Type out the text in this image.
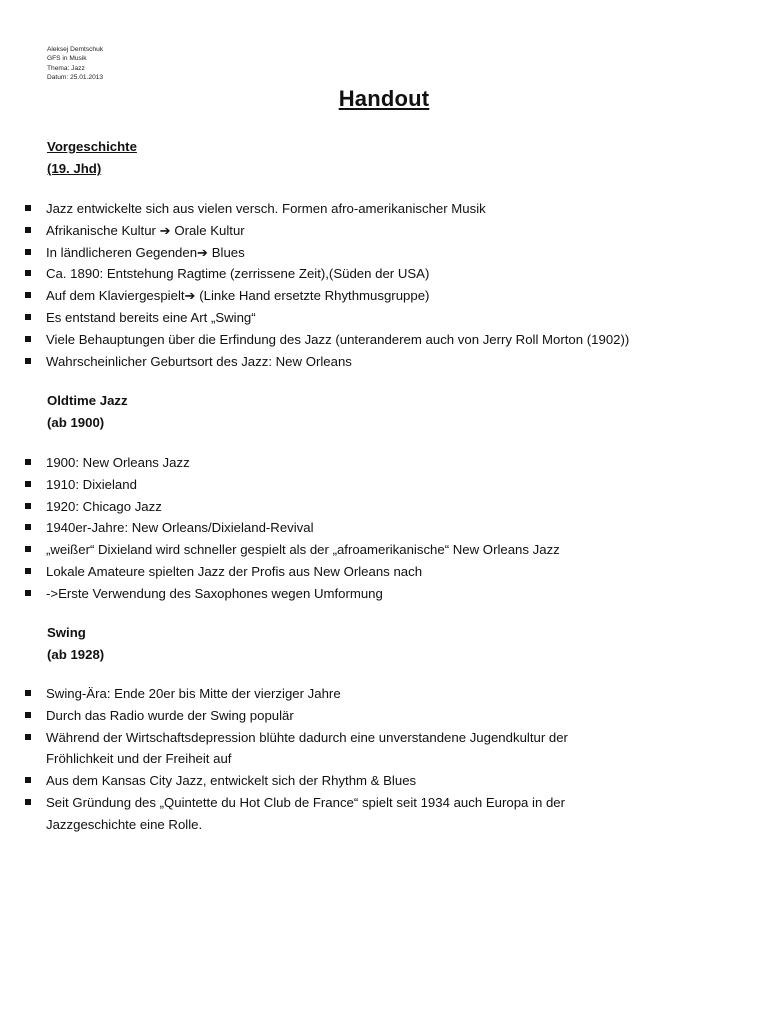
Aleksej Demtschuk
GFS in Musik
Thema: Jazz
Datum: 25.01.2013
Handout
Vorgeschichte
(19. Jhd)
Jazz entwickelte sich aus vielen versch. Formen afro-amerikanischer Musik
Afrikanische Kultur ➔ Orale Kultur
In ländlicheren Gegenden➔ Blues
Ca. 1890: Entstehung Ragtime (zerrissene Zeit),(Süden der USA)
Auf dem Klaviergespielt➔ (Linke Hand ersetzte Rhythmusgruppe)
Es entstand bereits eine Art „Swing“
Viele Behauptungen über die Erfindung des Jazz (unteranderem auch von Jerry Roll Morton (1902))
Wahrscheinlicher Geburtsort des Jazz: New Orleans
Oldtime Jazz
(ab 1900)
1900: New Orleans Jazz
1910: Dixieland
1920: Chicago Jazz
1940er-Jahre: New Orleans/Dixieland-Revival
„weißer“ Dixieland wird schneller gespielt als der „afroamerikanische“ New Orleans Jazz
Lokale Amateure spielten Jazz der Profis aus New Orleans nach
->Erste Verwendung des Saxophones wegen Umformung
Swing
(ab 1928)
Swing-Ära: Ende 20er bis Mitte der vierziger Jahre
Durch das Radio wurde der Swing populär
Während der Wirtschaftsdepression blühte dadurch eine unverstandene Jugendkultur der Fröhlichkeit und der Freiheit auf
Aus dem Kansas City Jazz, entwickelt sich der Rhythm & Blues
Seit Gründung des „Quintette du Hot Club de France“ spielt seit 1934 auch Europa in der Jazzgeschichte eine Rolle.
